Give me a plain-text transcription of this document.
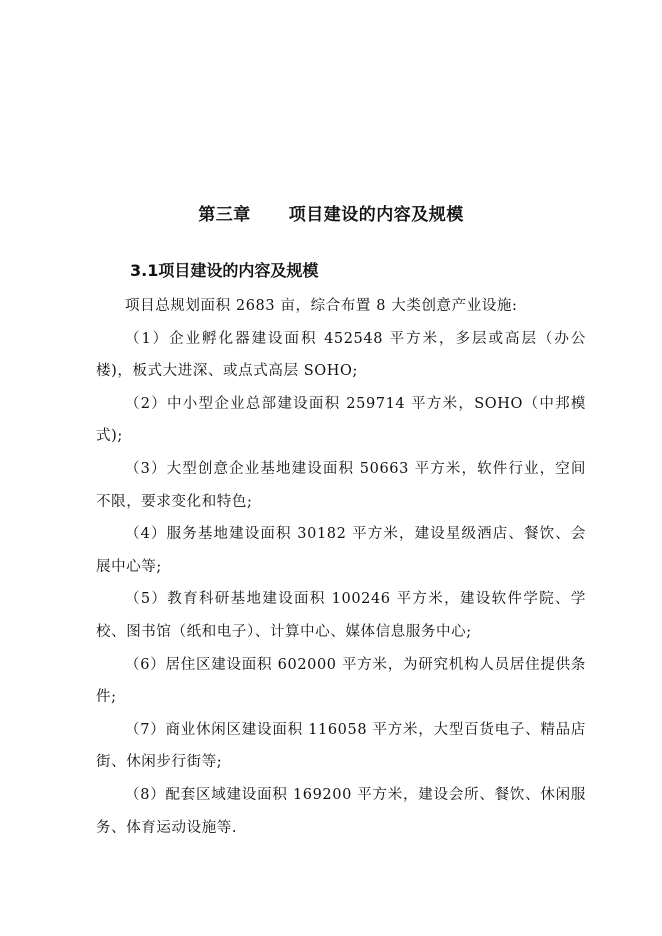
第三章 项目建设的内容及规模
3.1项目建设的内容及规模

项目总规划面积 2683 亩，综合布置 8 大类创意产业设施:

（1）企业孵化器建设面积 452548 平方米，多层或高层（办公楼)，板式大进深、或点式高层 SOHO;

（2）中小型企业总部建设面积 259714 平方米，SOHO（中邦模式);

（3）大型创意企业基地建设面积 50663 平方米，软件行业，空间不限，要求变化和特色;

（4）服务基地建设面积 30182 平方米，建设星级酒店、餐饮、会展中心等;

（5）教育科研基地建设面积 100246 平方米，建设软件学院、学校、图书馆（纸和电子）、计算中心、媒体信息服务中心;

（6）居住区建设面积 602000 平方米，为研究机构人员居住提供条件;

（7）商业休闲区建设面积 116058 平方米，大型百货电子、精品店街、休闲步行街等;

（8）配套区域建设面积 169200 平方米，建设会所、餐饮、休闲服务、体育运动设施等.
